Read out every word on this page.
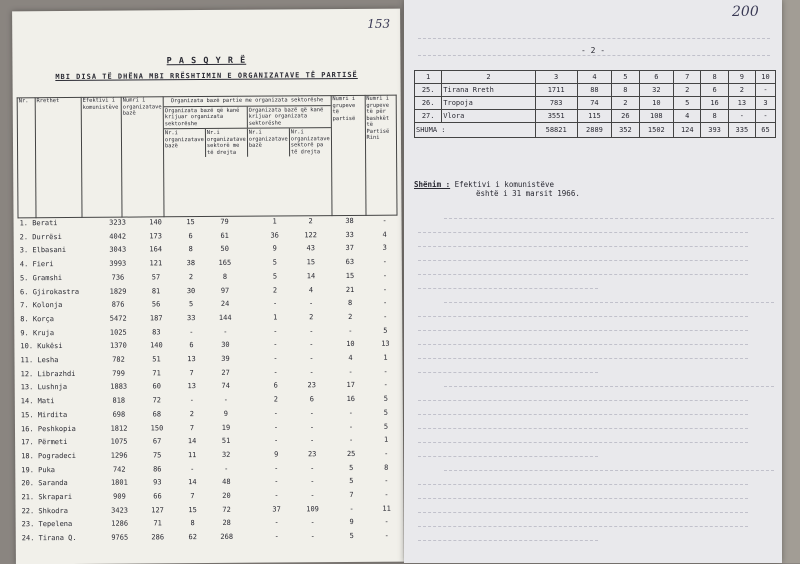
153
P A S Q Y R Ë
MBI DISA TË DHËNA MBI RRËSHTIMIN E ORGANIZATAVE TË PARTISË
Nr.	Rrethet	Efektivi i komunistëve	Numri i organizatave bazë	
Organizata bazë partie me organizata sektorëshe
Organizata bazë që kanë krijuar organizata sektorëshe
Organizata bazë që kanë krijuar organizata sektorëshe
Nr.i organizatave bazë
Nr.i organizatave sektorë me të drejta
Nr.i organizatave bazë
Nr.i organizatave sektorë pa të drejta
	Numri i grupeve të partisë	Numri i grupeve të për bashkët të Partisë Rini
1. Berati	3233	140	15	79	1	2	38	-
2. Durrësi	4042	173	6	61	36	122	33	4
3. Elbasani	3043	164	8	50	9	43	37	3
4. Fieri	3993	121	38	165	5	15	63	-
5. Gramshi	736	57	2	8	5	14	15	-
6. Gjirokastra	1829	81	30	97	2	4	21	-
7. Kolonja	876	56	5	24	-	-	8	-
8. Korça	5472	187	33	144	1	2	2	-
9. Kruja	1025	83	-	-	-	-	-	5
10. Kukësi	1370	140	6	30	-	-	10	13
11. Lesha	782	51	13	39	-	-	4	1
12. Librazhdi	799	71	7	27	-	-	-	-
13. Lushnja	1883	60	13	74	6	23	17	-
14. Mati	818	72	-	-	2	6	16	5
15. Mirdita	698	68	2	9	-	-	-	5
16. Peshkopia	1812	150	7	19	-	-	-	5
17. Përmeti	1075	67	14	51	-	-	-	1
18. Pogradeci	1296	75	11	32	9	23	25	-
19. Puka	742	86	-	-	-	-	5	8
20. Saranda	1801	93	14	48	-	-	5	-
21. Skrapari	909	66	7	20	-	-	7	-
22. Shkodra	3423	127	15	72	37	109	-	11
23. Tepelena	1286	71	8	28	-	-	9	-
24. Tirana Q.	9765	286	62	268	-	-	5	-
200
- 2 -
1	2	3	4	5	6	7	8	9	10
25.	Tirana Rreth	1711	88	8	32	2	6	2	-
26.	Tropoja	783	74	2	10	5	16	13	3
27.	Vlora	3551	115	26	108	4	8	-	-
SHUMA :		58821	2889	352	1502	124	393	335	65
Shënim : Efektivi i komunistëve
është i 31 marsit 1966.
